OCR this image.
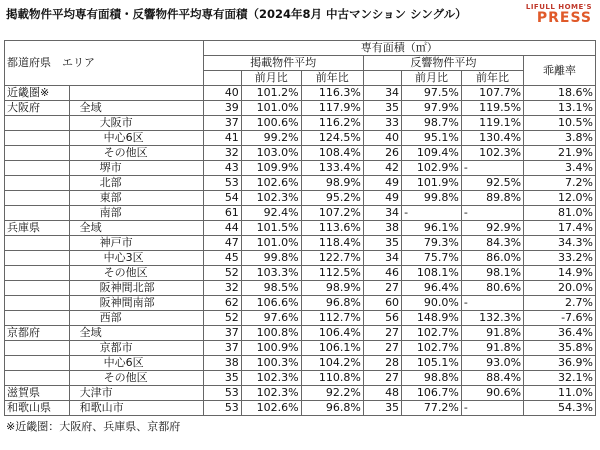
掲載物件平均専有面積・反響物件平均専有面積（2024年8月 中古マンション シングル）	LIFULL HOME'S
PRESS
都道府県　エリア		専有面積（㎡）						
		掲載物件平均			反響物件平均			乖離率
			前月比	前年比		前月比	前年比	
近畿圏※		40	101.2%	116.3%	34	97.5%	107.7%	18.6%
大阪府	全域	39	101.0%	117.9%	35	97.9%	119.5%	13.1%
	大阪市	37	100.6%	116.2%	33	98.7%	119.1%	10.5%
	中心6区	41	99.2%	124.5%	40	95.1%	130.4%	3.8%
	その他区	32	103.0%	108.4%	26	109.4%	102.3%	21.9%
	堺市	43	109.9%	133.4%	42	102.9%	-	3.4%
	北部	53	102.6%	98.9%	49	101.9%	92.5%	7.2%
	東部	54	102.3%	95.2%	49	99.8%	89.8%	12.0%
	南部	61	92.4%	107.2%	34	-	-	81.0%
兵庫県	全域	44	101.5%	113.6%	38	96.1%	92.9%	17.4%
	神戸市	47	101.0%	118.4%	35	79.3%	84.3%	34.3%
	中心3区	45	99.8%	122.7%	34	75.7%	86.0%	33.2%
	その他区	52	103.3%	112.5%	46	108.1%	98.1%	14.9%
	阪神間北部	32	98.5%	98.9%	27	96.4%	80.6%	20.0%
	阪神間南部	62	106.6%	96.8%	60	90.0%	-	2.7%
	西部	52	97.6%	112.7%	56	148.9%	132.3%	-7.6%
京都府	全域	37	100.8%	106.4%	27	102.7%	91.8%	36.4%
	京都市	37	100.9%	106.1%	27	102.7%	91.8%	35.8%
	中心6区	38	100.3%	104.2%	28	105.1%	93.0%	36.9%
	その他区	35	102.3%	110.8%	27	98.8%	88.4%	32.1%
滋賀県	大津市	53	102.3%	92.2%	48	106.7%	90.6%	11.0%
和歌山県	和歌山市	53	102.6%	96.8%	35	77.2%	-	54.3%
※近畿圏：大阪府、兵庫県、京都府
